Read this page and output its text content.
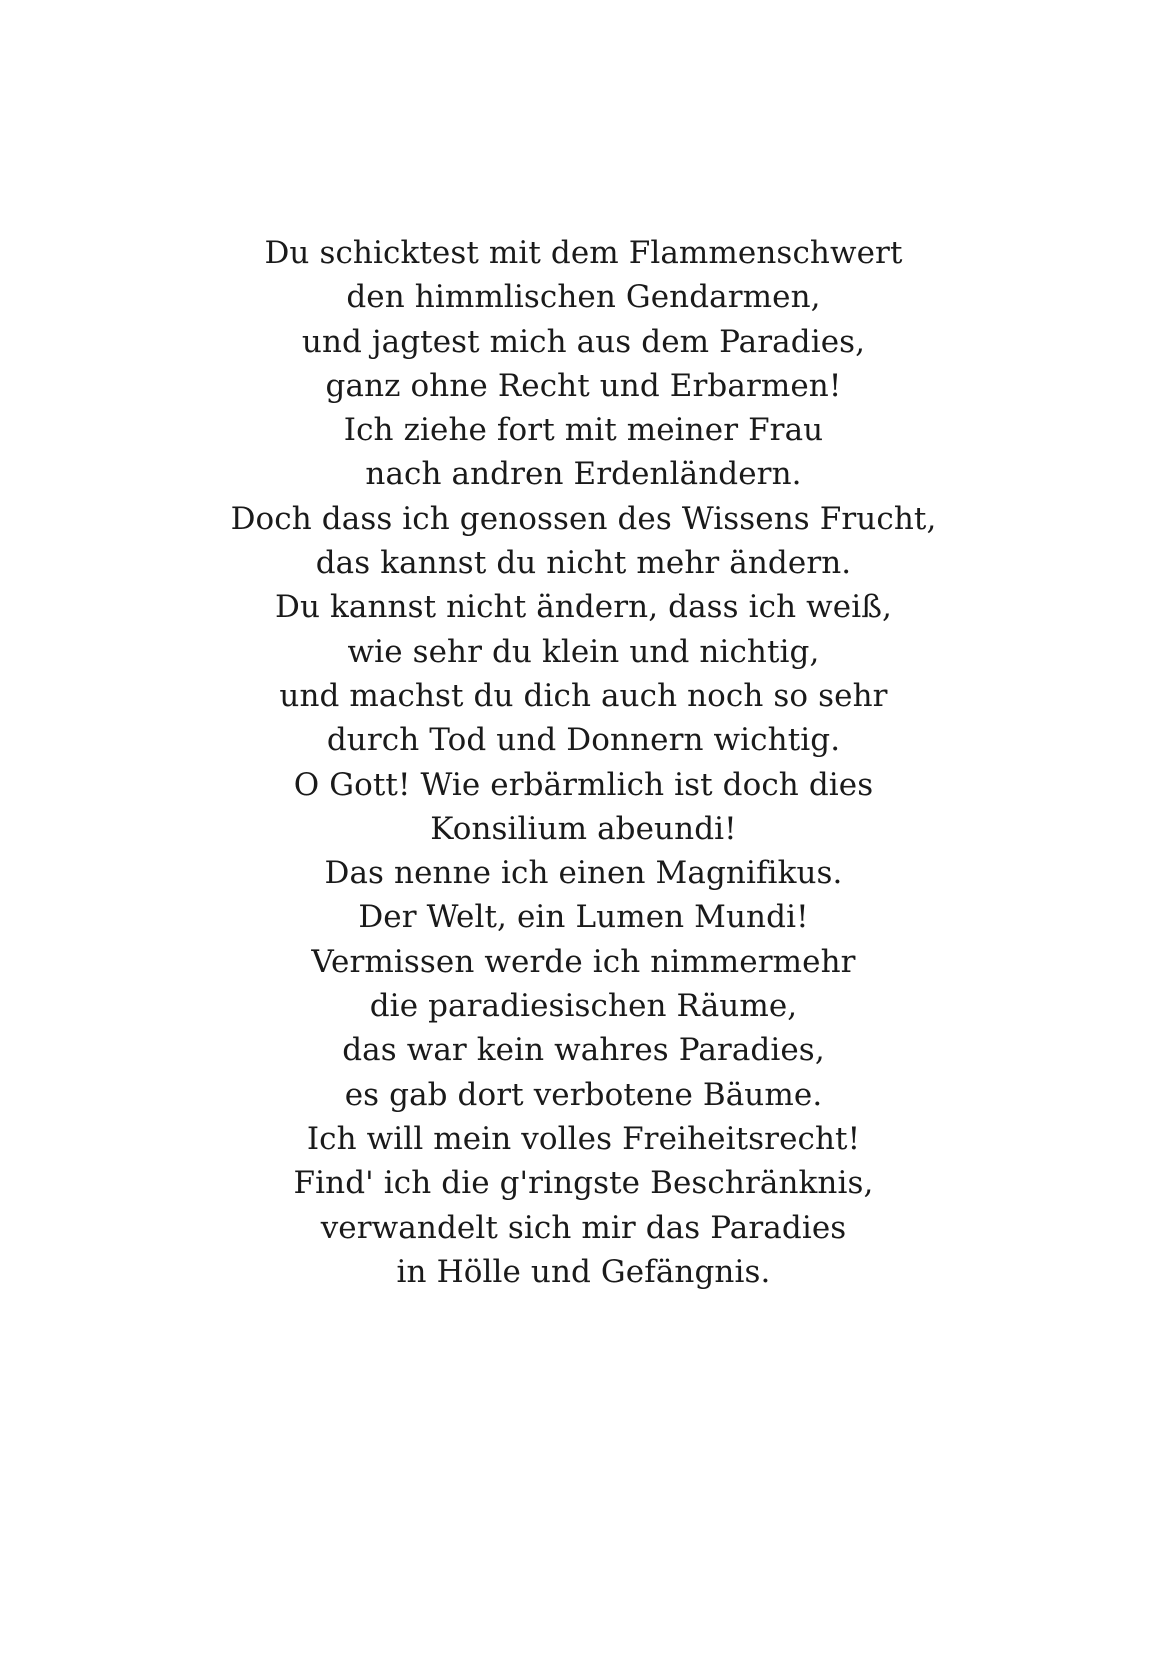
Du schicktest mit dem Flammenschwert
den himmlischen Gendarmen,
und jagtest mich aus dem Paradies,
ganz ohne Recht und Erbarmen!
Ich ziehe fort mit meiner Frau
nach andren Erdenländern.
Doch dass ich genossen des Wissens Frucht,
das kannst du nicht mehr ändern.
Du kannst nicht ändern, dass ich weiß,
wie sehr du klein und nichtig,
und machst du dich auch noch so sehr
durch Tod und Donnern wichtig.
O Gott! Wie erbärmlich ist doch dies
Konsilium abeundi!
Das nenne ich einen Magnifikus.
Der Welt, ein Lumen Mundi!
Vermissen werde ich nimmermehr
die paradiesischen Räume,
das war kein wahres Paradies,
es gab dort verbotene Bäume.
Ich will mein volles Freiheitsrecht!
Find' ich die g'ringste Beschränknis,
verwandelt sich mir das Paradies
in Hölle und Gefängnis.
